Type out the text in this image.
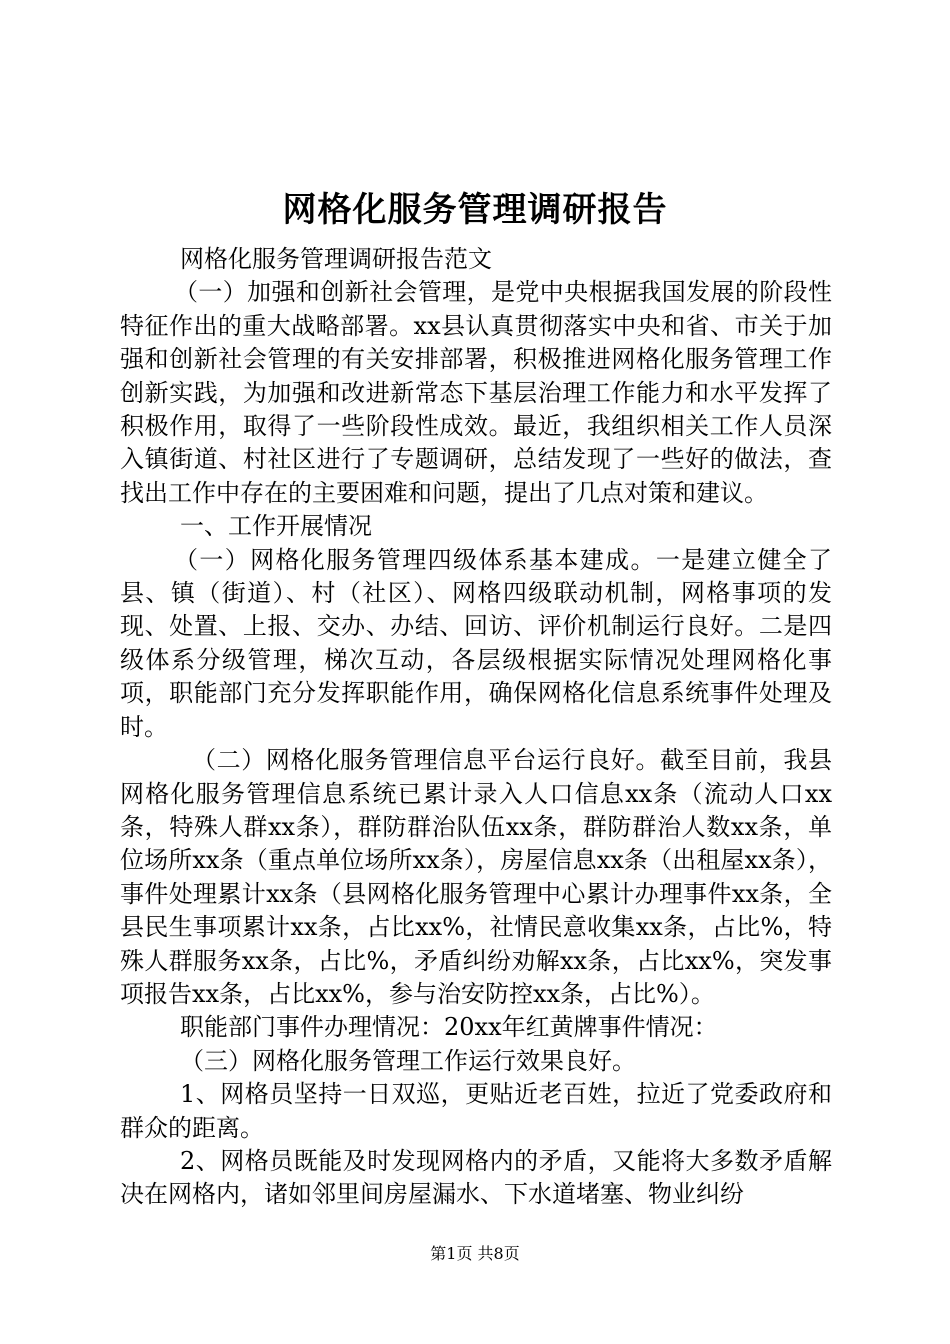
网格化服务管理调研报告

网格化服务管理调研报告范文

（一）加强和创新社会管理，是党中央根据我国发展的阶段性特征作出的重大战略部署。xx县认真贯彻落实中央和省、市关于加强和创新社会管理的有关安排部署，积极推进网格化服务管理工作创新实践，为加强和改进新常态下基层治理工作能力和水平发挥了积极作用，取得了一些阶段性成效。最近，我组织相关工作人员深入镇街道、村社区进行了专题调研，总结发现了一些好的做法，查找出工作中存在的主要困难和问题，提出了几点对策和建议。

一、工作开展情况

（一）网格化服务管理四级体系基本建成。一是建立健全了县、镇（街道）、村（社区）、网格四级联动机制，网格事项的发现、处置、上报、交办、办结、回访、评价机制运行良好。二是四级体系分级管理，梯次互动，各层级根据实际情况处理网格化事项，职能部门充分发挥职能作用，确保网格化信息系统事件处理及时。

（二）网格化服务管理信息平台运行良好。截至目前，我县网格化服务管理信息系统已累计录入人口信息xx条（流动人口xx条，特殊人群xx条），群防群治队伍xx条，群防群治人数xx条，单位场所xx条（重点单位场所xx条），房屋信息xx条（出租屋xx条），事件处理累计xx条（县网格化服务管理中心累计办理事件xx条，全县民生事项累计xx条，占比xx%，社情民意收集xx条，占比%，特殊人群服务xx条，占比%，矛盾纠纷劝解xx条，占比xx%，突发事项报告xx条，占比xx%，参与治安防控xx条，占比%）。

职能部门事件办理情况：20xx年红黄牌事件情况：

（三）网格化服务管理工作运行效果良好。

1、网格员坚持一日双巡，更贴近老百姓，拉近了党委政府和群众的距离。

2、网格员既能及时发现网格内的矛盾，又能将大多数矛盾解决在网格内，诸如邻里间房屋漏水、下水道堵塞、物业纠纷

第1页 共8页
